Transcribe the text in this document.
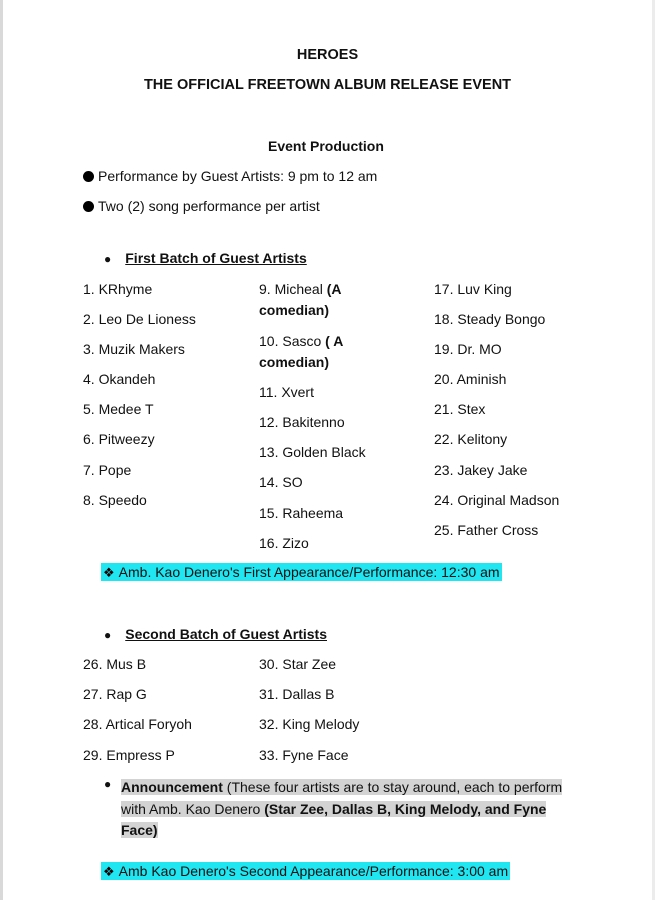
HEROES
THE OFFICIAL FREETOWN ALBUM RELEASE EVENT
Event Production
Performance by Guest Artists: 9 pm to 12 am
Two (2) song performance per artist
● First Batch of Guest Artists
1. KRhyme
2. Leo De Lioness
3. Muzik Makers
4. Okandeh
5. Medee T
6. Pitweezy
7. Pope
8. Speedo
9. Micheal (A
comedian)
10. Sasco ( A
comedian)
11. Xvert
12. Bakitenno
13. Golden Black
14. SO
15. Raheema
16. Zizo
17. Luv King
18. Steady Bongo
19. Dr. MO
20. Aminish
21. Stex
22. Kelitony
23. Jakey Jake
24. Original Madson
25. Father Cross
❖ Amb. Kao Denero's First Appearance/Performance: 12:30 am
● Second Batch of Guest Artists
26. Mus B
27. Rap G
28. Artical Foryoh
29. Empress P
30. Star Zee
31. Dallas B
32. King Melody
33. Fyne Face
● Announcement (These four artists are to stay around, each to perform with Amb. Kao Denero (Star Zee, Dallas B, King Melody, and Fyne Face)
❖ Amb Kao Denero's Second Appearance/Performance: 3:00 am
